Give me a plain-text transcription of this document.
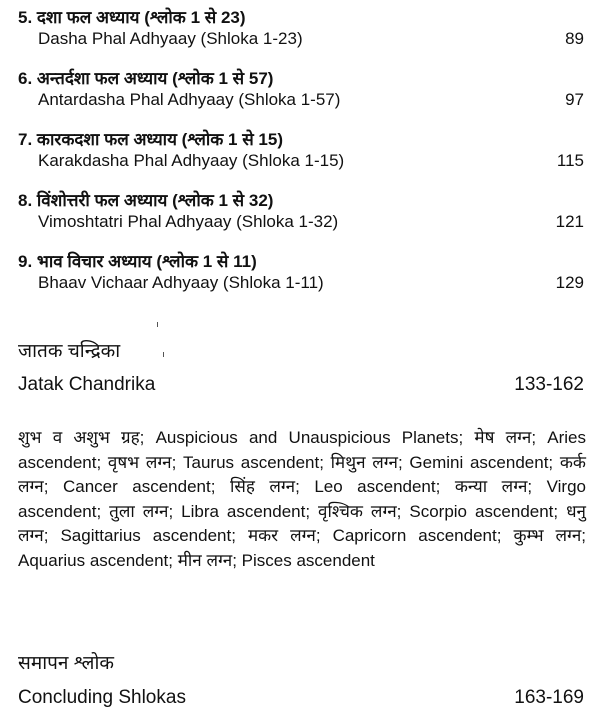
5. दशा फल अध्याय (श्लोक 1 से 23)
Dasha Phal Adhyaay (Shloka 1-23)	89
6. अन्तर्दशा फल अध्याय (श्लोक 1 से 57)
Antardasha Phal Adhyaay (Shloka 1-57)	97
7. कारकदशा फल अध्याय (श्लोक 1 से 15)
Karakdasha Phal Adhyaay (Shloka 1-15)	115
8. विंशोत्तरी फल अध्याय (श्लोक 1 से 32)
Vimoshtatri Phal Adhyaay (Shloka 1-32)	121
9. भाव विचार अध्याय (श्लोक 1 से 11)
Bhaav Vichaar Adhyaay (Shloka 1-11)	129
जातक चन्द्रिका
Jatak Chandrika	133-162
शुभ व अशुभ ग्रह ; Auspicious and Unauspicious Planets ; मेष लग्न ; Aries ascendent ; वृषभ लग्न ; Taurus ascendent ; मिथुन लग्न ; Gemini ascendent ; कर्क लग्न ; Cancer ascendent ; सिंह लग्न ; Leo ascendent ; कन्या लग्न ; Virgo ascendent ; तुला लग्न ; Libra ascendent ; वृश्चिक लग्न ; Scorpio ascendent ; धनु लग्न ; Sagittarius ascendent ; मकर लग्न ; Capricorn ascendent ; कुम्भ लग्न; Aquarius ascendent ; मीन लग्न ; Pisces ascendent
समापन श्लोक
Concluding Shlokas	163-169
